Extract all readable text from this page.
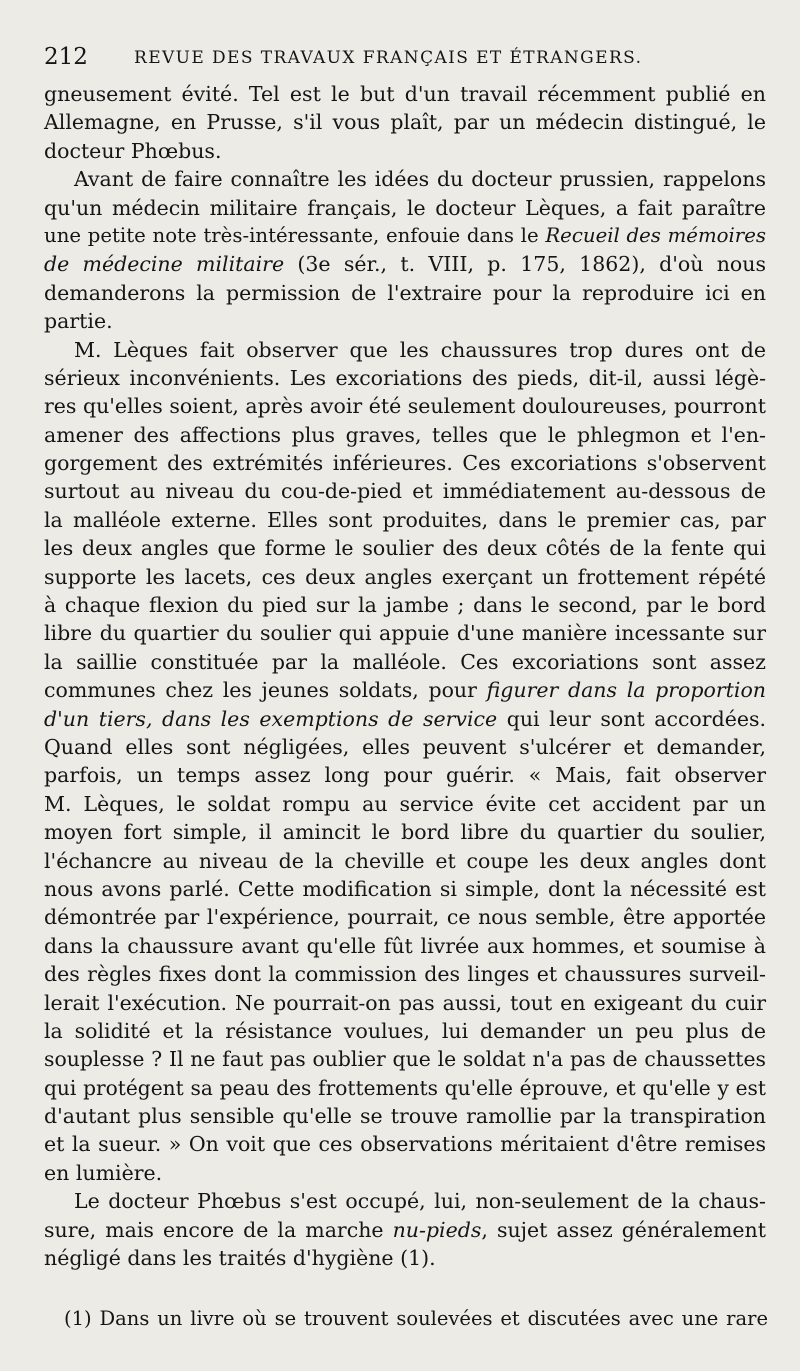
212	REVUE DES TRAVAUX FRANÇAIS ET ÉTRANGERS.
gneusement évité. Tel est le but d'un travail récemment publié en
Allemagne, en Prusse, s'il vous plaît, par un médecin distingué, le
docteur Phœbus.
Avant de faire connaître les idées du docteur prussien, rappelons
qu'un médecin militaire français, le docteur Lèques, a fait paraître
une petite note très-intéressante, enfouie dans le Recueil des mémoires
de médecine militaire (3e sér., t. VIII, p. 175, 1862), d'où nous
demanderons la permission de l'extraire pour la reproduire ici en
partie.
M. Lèques fait observer que les chaussures trop dures ont de
sérieux inconvénients. Les excoriations des pieds, dit-il, aussi légè-
res qu'elles soient, après avoir été seulement douloureuses, pourront
amener des affections plus graves, telles que le phlegmon et l'en-
gorgement des extrémités inférieures. Ces excoriations s'observent
surtout au niveau du cou-de-pied et immédiatement au-dessous de
la malléole externe. Elles sont produites, dans le premier cas, par
les deux angles que forme le soulier des deux côtés de la fente qui
supporte les lacets, ces deux angles exerçant un frottement répété
à chaque flexion du pied sur la jambe ; dans le second, par le bord
libre du quartier du soulier qui appuie d'une manière incessante sur
la saillie constituée par la malléole. Ces excoriations sont assez
communes chez les jeunes soldats, pour figurer dans la proportion
d'un tiers, dans les exemptions de service qui leur sont accordées.
Quand elles sont négligées, elles peuvent s'ulcérer et demander,
parfois, un temps assez long pour guérir. « Mais, fait observer
M. Lèques, le soldat rompu au service évite cet accident par un
moyen fort simple, il amincit le bord libre du quartier du soulier,
l'échancre au niveau de la cheville et coupe les deux angles dont
nous avons parlé. Cette modification si simple, dont la nécessité est
démontrée par l'expérience, pourrait, ce nous semble, être apportée
dans la chaussure avant qu'elle fût livrée aux hommes, et soumise à
des règles fixes dont la commission des linges et chaussures surveil-
lerait l'exécution. Ne pourrait-on pas aussi, tout en exigeant du cuir
la solidité et la résistance voulues, lui demander un peu plus de
souplesse ? Il ne faut pas oublier que le soldat n'a pas de chaussettes
qui protégent sa peau des frottements qu'elle éprouve, et qu'elle y est
d'autant plus sensible qu'elle se trouve ramollie par la transpiration
et la sueur. » On voit que ces observations méritaient d'être remises
en lumière.
Le docteur Phœbus s'est occupé, lui, non-seulement de la chaus-
sure, mais encore de la marche nu-pieds, sujet assez généralement
négligé dans les traités d'hygiène (1).
(1) Dans un livre où se trouvent soulevées et discutées avec une rare
